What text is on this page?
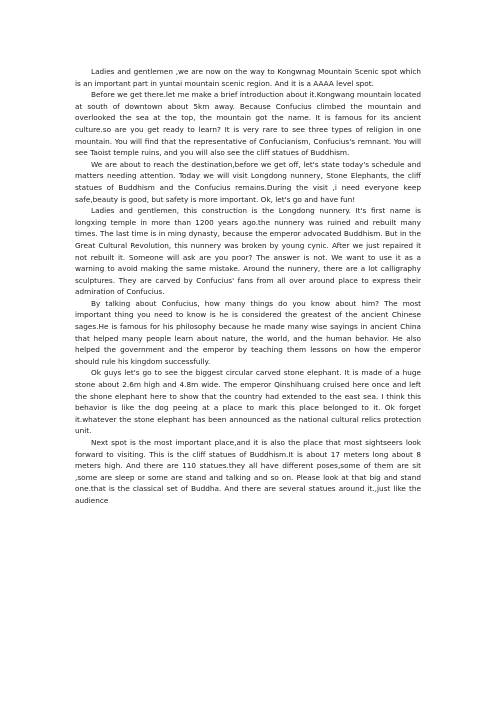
Ladies and gentlemen ,we are now on the way to Kongwnag Mountain Scenic spot which is an important part in yuntai mountain scenic region. And it is a AAAA level spot.

Before we get there.let me make a brief introduction about it.Kongwang mountain located at south of downtown about 5km away. Because Confucius climbed the mountain and overlooked the sea at the top, the mountain got the name. It is famous for its ancient culture.so are you get ready to learn? It is very rare to see three types of religion in one mountain. You will find that the representative of Confucianism, Confucius's remnant. You will see Taoist temple ruins, and you will also see the cliff statues of Buddhism.

We are about to reach the destination,before we get off, let's state today's schedule and matters needing attention. Today we will visit Longdong nunnery, Stone Elephants, the cliff statues of Buddhism and the Confucius remains.During the visit ,i need everyone keep safe,beauty is good, but safety is more important. Ok, let's go and have fun!

Ladies and gentlemen, this construction is the Longdong nunnery. It's first name is longxing temple in more than 1200 years ago.the nunnery was ruined and rebuilt many times. The last time is in ming dynasty, because the emperor advocated Buddhism. But in the Great Cultural Revolution, this nunnery was broken by young cynic. After we just repaired it not rebuilt it. Someone will ask are you poor? The answer is not. We want to use it as a warning to avoid making the same mistake. Around the nunnery, there are a lot calligraphy sculptures. They are carved by Confucius' fans from all over around place to express their admiration of Confucius.

By talking about Confucius, how many things do you know about him? The most important thing you need to know is he is considered the greatest of the ancient Chinese sages.He is famous for his philosophy because he made many wise sayings in ancient China that helped many people learn about nature, the world, and the human behavior. He also helped the government and the emperor by teaching them lessons on how the emperor should rule his kingdom successfully.

Ok guys let's go to see the biggest circular carved stone elephant. It is made of a huge stone about 2.6m high and 4.8m wide. The emperor Qinshihuang cruised here once and left the shone elephant here to show that the country had extended to the east sea. I think this behavior is like the dog peeing at a place to mark this place belonged to it. Ok forget it.whatever the stone elephant has been announced as the national cultural relics protection unit.

Next spot is the most important place,and it is also the place that most sightseers look forward to visiting. This is the cliff statues of Buddhism.It is about 17 meters long about 8 meters high. And there are 110 statues.they all have different poses,some of them are sit ,some are sleep or some are stand and talking and so on. Please look at that big and stand one.that is the classical set of Buddha. And there are several statues around it.,just like the audience
